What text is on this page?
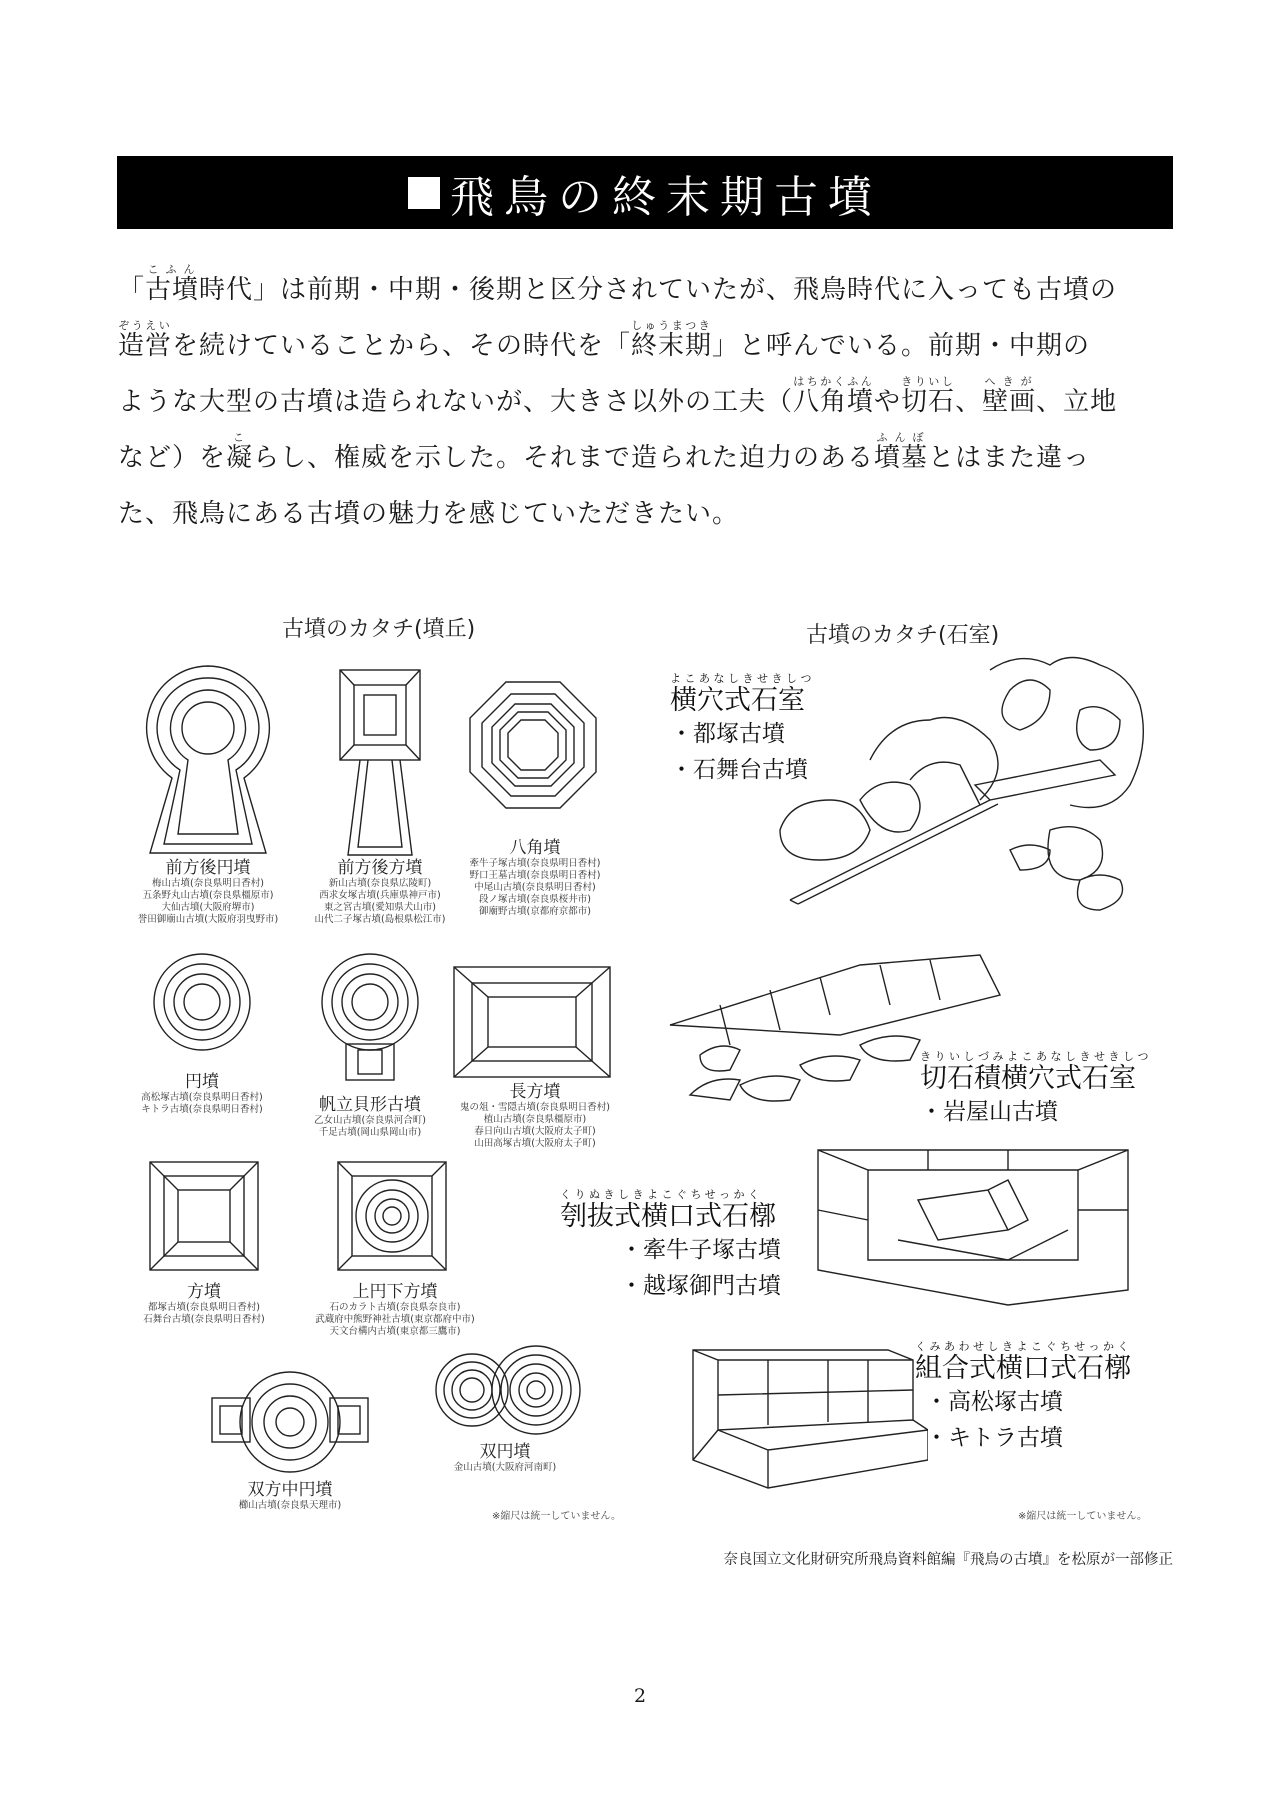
飛鳥の終末期古墳
「古墳こふん時代」は前期・中期・後期と区分されていたが、飛鳥時代に入っても古墳の
造営ぞうえいを続けていることから、その時代を「終末期しゅうまつき」と呼んでいる。前期・中期の
ような大型の古墳は造られないが、大きさ以外の工夫（八角墳はちかくふんや切石きりいし、壁画へきが、立地
など）を凝こらし、権威を示した。それまで造られた迫力のある墳墓ふんぼとはまた違っ
た、飛鳥にある古墳の魅力を感じていただきたい。
古墳のカタチ(墳丘)
前方後円墳
梅山古墳(奈良県明日香村)
五条野丸山古墳(奈良県橿原市)
大仙古墳(大阪府堺市)
誉田御廟山古墳(大阪府羽曳野市)
前方後方墳
新山古墳(奈良県広陵町)
西求女塚古墳(兵庫県神戸市)
東之宮古墳(愛知県犬山市)
山代二子塚古墳(島根県松江市)
八角墳
牽牛子塚古墳(奈良県明日香村)
野口王墓古墳(奈良県明日香村)
中尾山古墳(奈良県明日香村)
段ノ塚古墳(奈良県桜井市)
御廟野古墳(京都府京都市)
円墳
高松塚古墳(奈良県明日香村)
キトラ古墳(奈良県明日香村)	帆立貝形古墳
乙女山古墳(奈良県河合町)
千足古墳(岡山県岡山市)
長方墳
鬼の俎・雪隠古墳(奈良県明日香村)
植山古墳(奈良県橿原市)
春日向山古墳(大阪府太子町)
山田高塚古墳(大阪府太子町)
方墳
都塚古墳(奈良県明日香村)
石舞台古墳(奈良県明日香村)
上円下方墳
石のカラト古墳(奈良県奈良市)
武蔵府中熊野神社古墳(東京都府中市)
天文台構内古墳(東京都三鷹市)
双方中円墳
櫛山古墳(奈良県天理市)
双円墳
金山古墳(大阪府河南町)
※縮尺は統一していません。
古墳のカタチ(石室)
よこあなしきせきしつ
横穴式石室
・都塚古墳
・石舞台古墳
きりいしづみよこあなしきせきしつ
切石積横穴式石室
・岩屋山古墳
くりぬきしきよこぐちせっかく
刳抜式横口式石槨
・牽牛子塚古墳
・越塚御門古墳
くみあわせしきよこぐちせっかく
組合式横口式石槨
・高松塚古墳
・キトラ古墳
※縮尺は統一していません。
奈良国立文化財研究所飛鳥資料館編『飛鳥の古墳』を松原が一部修正
2
